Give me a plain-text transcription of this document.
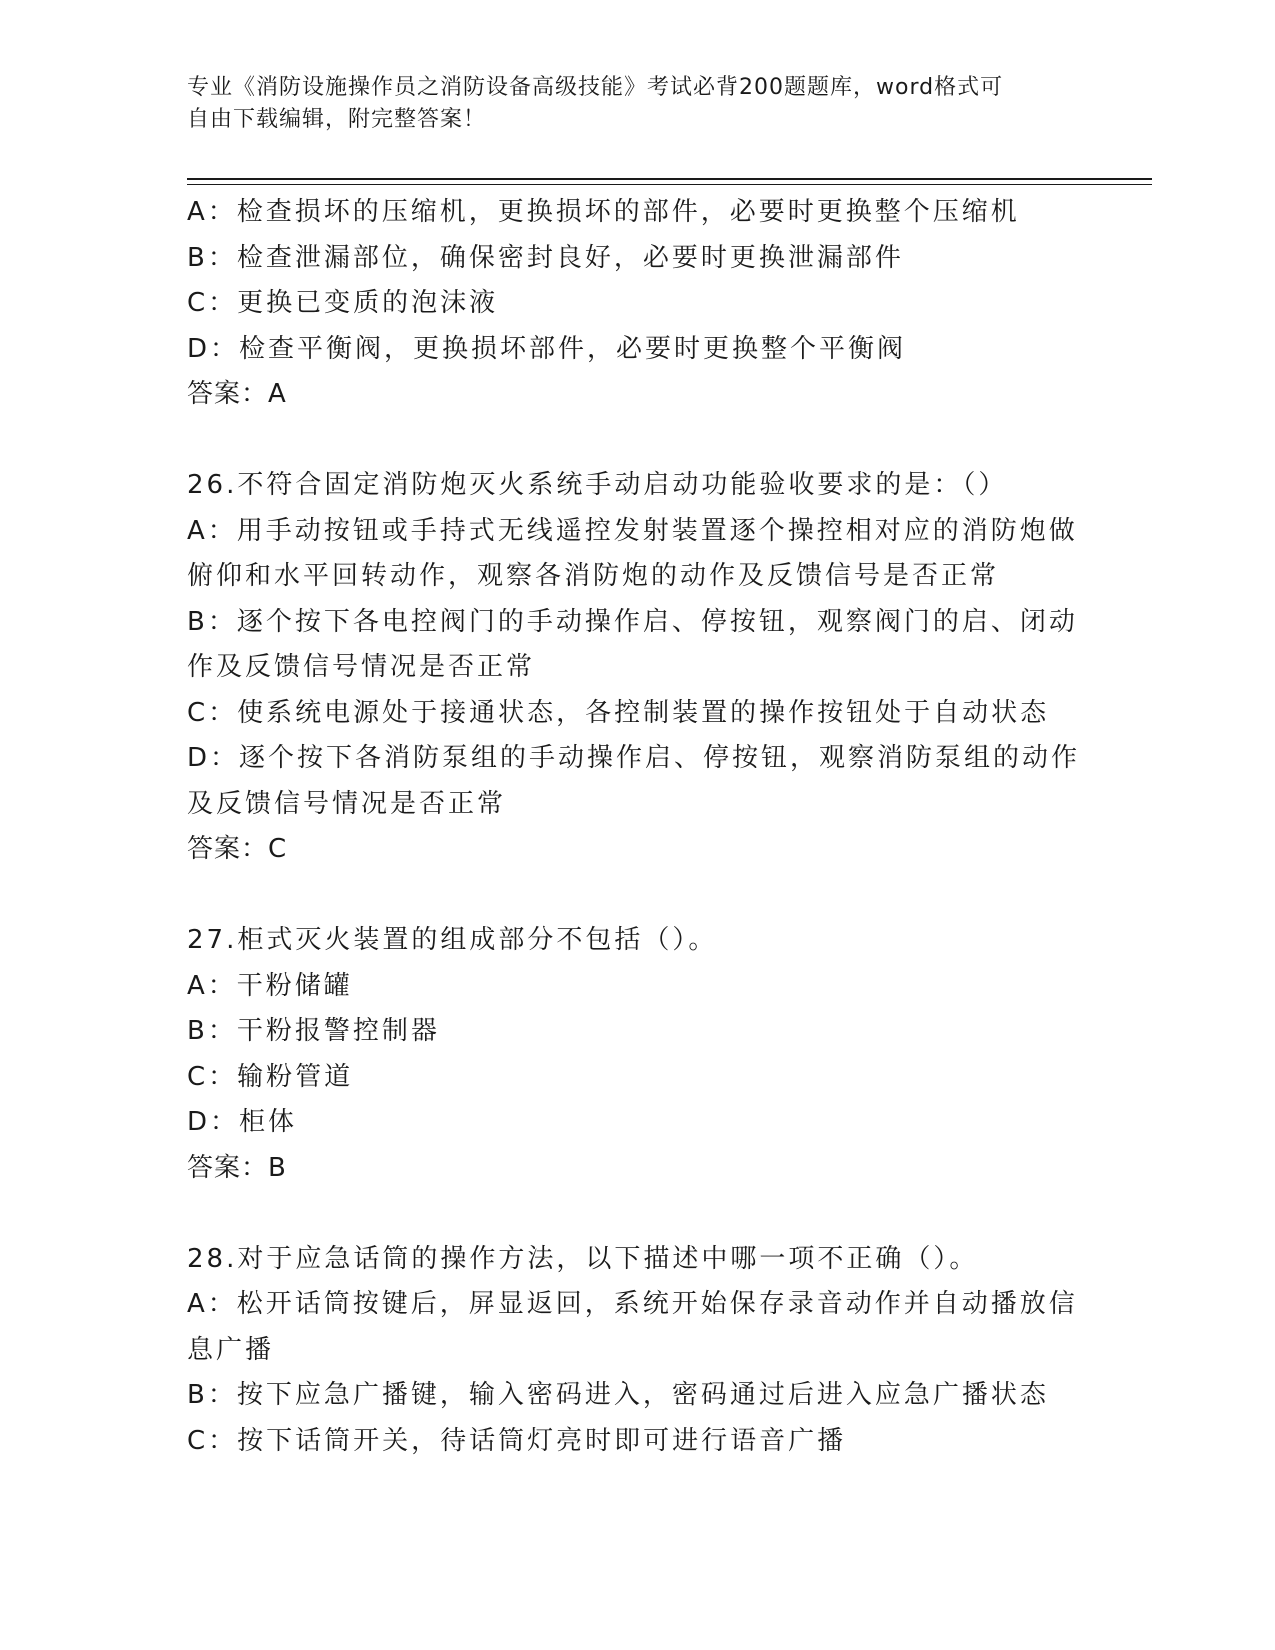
专业《消防设施操作员之消防设备高级技能》考试必背200题题库，word格式可
自由下载编辑，附完整答案！
A：检查损坏的压缩机，更换损坏的部件，必要时更换整个压缩机
B：检查泄漏部位，确保密封良好，必要时更换泄漏部件
C：更换已变质的泡沫液
D：检查平衡阀，更换损坏部件，必要时更换整个平衡阀
答案：A
26.不符合固定消防炮灭火系统手动启动功能验收要求的是：（）
A：用手动按钮或手持式无线遥控发射装置逐个操控相对应的消防炮做
俯仰和水平回转动作，观察各消防炮的动作及反馈信号是否正常
B：逐个按下各电控阀门的手动操作启、停按钮，观察阀门的启、闭动
作及反馈信号情况是否正常
C：使系统电源处于接通状态，各控制装置的操作按钮处于自动状态
D：逐个按下各消防泵组的手动操作启、停按钮，观察消防泵组的动作
及反馈信号情况是否正常
答案：C
27.柜式灭火装置的组成部分不包括（）。
A：干粉储罐
B：干粉报警控制器
C：输粉管道
D：柜体
答案：B
28.对于应急话筒的操作方法，以下描述中哪一项不正确（）。
A：松开话筒按键后，屏显返回，系统开始保存录音动作并自动播放信
息广播
B：按下应急广播键，输入密码进入，密码通过后进入应急广播状态
C：按下话筒开关，待话筒灯亮时即可进行语音广播
